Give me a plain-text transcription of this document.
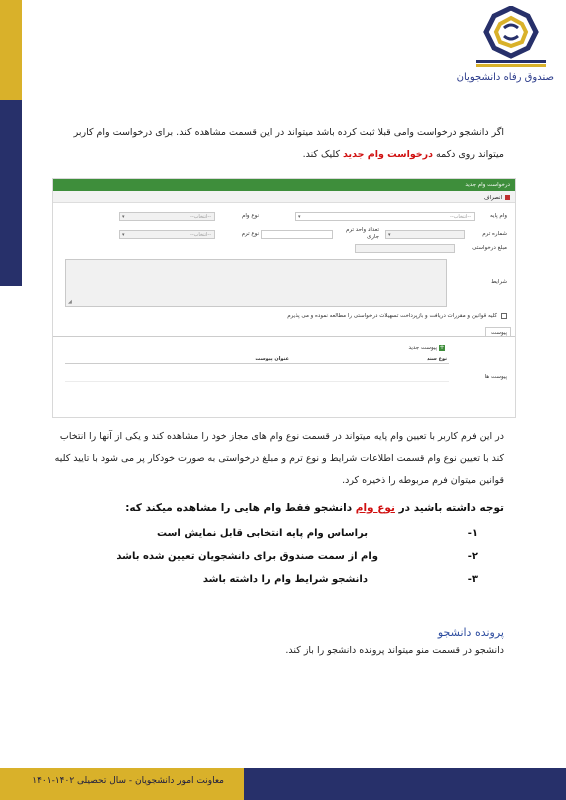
صندوق رفاه دانشجویان
اگر دانشجو درخواست وامی قبلا ثبت کرده باشد میتواند در این قسمت مشاهده کند. برای درخواست وام کاربر میتواند روی دکمه درخواست وام جدید کلیک کند.
درخواست وام جدید
انصراف
وام پایه
--انتخاب--
▾
نوع وام
--انتخاب--
▾
شماره ترم
▾
تعداد واحد ترم جاری
نوع ترم
--انتخاب--
▾
مبلغ درخواستی
شرایط
◢
کلیه قوانین و مقررات دریافت و بازپرداخت تسهیلات درخواستی را مطالعه نموده و می پذیرم
پیوست
+
پیوست جدید
پیوست ها
نوع سند
عنوان پیوست
در این فرم کاربر با تعیین وام پایه میتواند در قسمت نوع وام های مجاز خود را مشاهده کند و یکی از آنها را انتخاب کند با تعیین نوع وام قسمت اطلاعات شرایط و نوع ترم و مبلغ درخواستی به صورت خودکار پر می شود با تایید کلیه قوانین میتوان فرم مربوطه را ذخیره کرد.
توجه داشته باشید در نوع وام دانشجو فقط وام هایی را مشاهده میکند که:
۱-
براساس وام پایه انتخابی قابل نمایش است
۲-
وام از سمت صندوق برای دانشجویان تعیین شده باشد
۳-
دانشجو شرایط وام را داشته باشد
پرونده دانشجو
دانشجو در قسمت منو میتواند پرونده دانشجو را باز کند.
معاونت امور دانشجویان - سال تحصیلی ۱۴۰۲-۱۴۰۱
